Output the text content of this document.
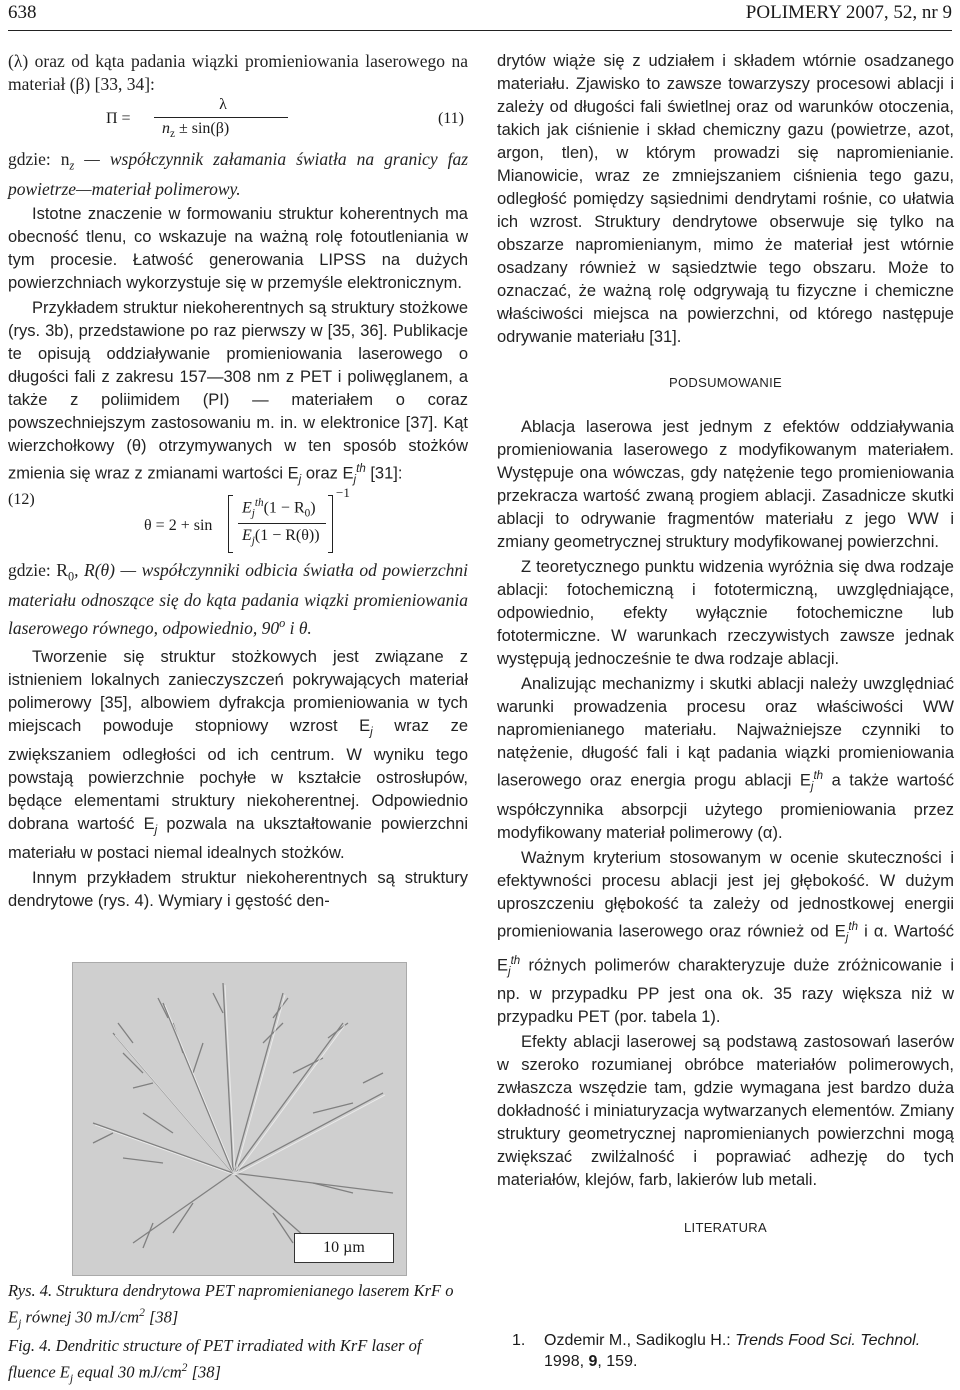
638	POLIMERY 2007, 52, nr 9

(λ) oraz od kąta padania wiązki promieniowania laserowego na materiał (β) [33, 34]:

Π =
λ
$n_z \pm \sin(\beta)$
(11)

gdzie: $n_z$ — współczynnik załamania światła na granicy faz powietrze—materiał polimerowy.

Istotne znaczenie w formowaniu struktur koherentnych ma obecność tlenu, co wskazuje na ważną rolę fotoutleniania w tym procesie. Łatwość generowania LIPSS na dużych powierzchniach wykorzystuje się w przemyśle elektronicznym.

Przykładem struktur niekoherentnych są struktury stożkowe (rys. 3b), przedstawione po raz pierwszy w [35, 36]. Publikacje te opisują oddziaływanie promieniowania laserowego o długości fali z zakresu 157—308 nm z PET i poliwęglanem, a także z poliimidem (PI) — materiałem o coraz powszechniejszym zastosowaniu m. in. w elektronice [37]. Kąt wierzchołkowy (θ) otrzymywanych w ten sposób stożków zmienia się wraz z zmianami wartości $E_j$ oraz $E_j^{th}$ [31]:

θ = 2 + sin
$E_j^{th}(1 - R_0)$
$E_j(1 - R(\theta))$
−1
(12)

gdzie: $R_0$, R(θ) — współczynniki odbicia światła od powierzchni materiału odnoszące się do kąta padania wiązki promieniowania laserowego równego, odpowiednio, 90$^o$ i θ.

Tworzenie się struktur stożkowych jest związane z istnieniem lokalnych zanieczyszczeń pokrywających materiał polimerowy [35], albowiem dyfrakcja promieniowania w tych miejscach powoduje stopniowy wzrost $E_j$ wraz ze zwiększaniem odległości od ich centrum. W wyniku tego powstają powierzchnie pochyłe w kształcie ostrosłupów, będące elementami struktury niekoherentnej. Odpowiednio dobrana wartość $E_j$ pozwala na ukształtowanie powierzchni materiału w postaci niemal idealnych stożków.

Innym przykładem struktur niekoherentnych są struktury dendrytowe (rys. 4). Wymiary i gęstość den-

10 µm
Rys. 4. Struktura dendrytowa PET napromienianego laserem KrF o $E_j$ równej 30 $mJ/cm^2$ [38]
Fig. 4. Dendritic structure of PET irradiated with KrF laser of fluence $E_j$ equal 30 $mJ/cm^2$ [38]

drytów wiąże się z udziałem i składem wtórnie osadzanego materiału. Zjawisko to zawsze towarzyszy procesowi ablacji i zależy od długości fali świetlnej oraz od warunków otoczenia, takich jak ciśnienie i skład chemiczny gazu (powietrze, azot, argon, tlen), w którym prowadzi się napromienianie. Mianowicie, wraz ze zmniejszaniem ciśnienia tego gazu, odległość pomiędzy sąsiednimi dendrytami rośnie, co ułatwia ich wzrost. Struktury dendrytowe obserwuje się tylko na obszarze napromienianym, mimo że materiał jest wtórnie osadzany również w sąsiedztwie tego obszaru. Może to oznaczać, że ważną rolę odgrywają tu fizyczne i chemiczne właściwości miejsca na powierzchni, od którego następuje odrywanie materiału [31].

PODSUMOWANIE

Ablacja laserowa jest jednym z efektów oddziaływania promieniowania laserowego z modyfikowanym materiałem. Występuje ona wówczas, gdy natężenie tego promieniowania przekracza wartość zwaną progiem ablacji. Zasadnicze skutki ablacji to odrywanie fragmentów materiału z jego WW i zmiany geometrycznej struktury modyfikowanej powierzchni.

Z teoretycznego punktu widzenia wyróżnia się dwa rodzaje ablacji: fotochemiczną i fototermiczną, uwzględniające, odpowiednio, efekty wyłącznie fotochemiczne lub fototermiczne. W warunkach rzeczywistych zawsze jednak występują jednocześnie te dwa rodzaje ablacji.

Analizując mechanizmy i skutki ablacji należy uwzględniać warunki prowadzenia procesu oraz właściwości WW napromienianego materiału. Najważniejsze czynniki to natężenie, długość fali i kąt padania wiązki promieniowania laserowego oraz energia progu ablacji $E_j^{th}$ a także wartość współczynnika absorpcji użytego promieniowania przez modyfikowany materiał polimerowy (α).

Ważnym kryterium stosowanym w ocenie skuteczności i efektywności procesu ablacji jest jej głębokość. W dużym uproszczeniu głębokość ta zależy od jednostkowej energii promieniowania laserowego oraz również od $E_j^{th}$ i α. Wartość $E_j^{th}$ różnych polimerów charakteryzuje duże zróżnicowanie i np. w przypadku PP jest ona ok. 35 razy większa niż w przypadku PET (por. tabela 1).

Efekty ablacji laserowej są podstawą zastosowań laserów w szeroko rozumianej obróbce materiałów polimerowych, zwłaszcza wszędzie tam, gdzie wymagana jest bardzo duża dokładność i miniaturyzacja wytwarzanych elementów. Zmiany struktury geometrycznej napromienianych powierzchni mogą zwiększać zwilżalność i poprawiać adhezję do tych materiałów, klejów, farb, lakierów lub metali.

LITERATURA

1. Ozdemir M., Sadikoglu H.: Trends Food Sci. Technol. 1998, 9, 159.
